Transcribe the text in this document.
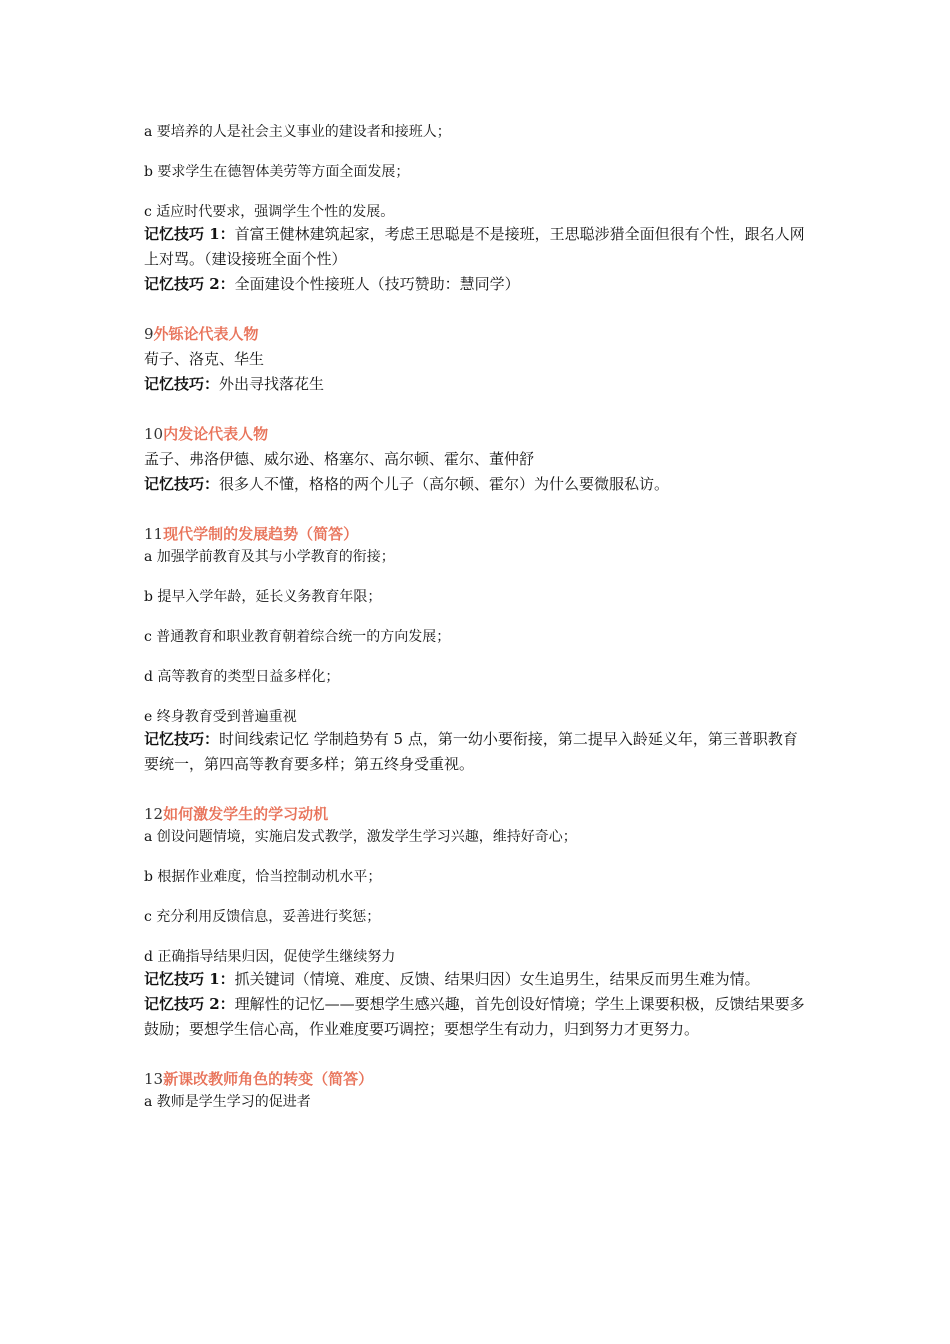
a 要培养的人是社会主义事业的建设者和接班人；

b 要求学生在德智体美劳等方面全面发展；

c 适应时代要求，强调学生个性的发展。

记忆技巧 1：首富王健林建筑起家，考虑王思聪是不是接班，王思聪涉猎全面但很有个性，跟名人网上对骂。（建设接班全面个性）

记忆技巧 2：全面建设个性接班人（技巧赞助：慧同学）

9外铄论代表人物

荀子、洛克、华生

记忆技巧：外出寻找落花生

10内发论代表人物

孟子、弗洛伊德、威尔逊、格塞尔、高尔顿、霍尔、董仲舒

记忆技巧：很多人不懂，格格的两个儿子（高尔顿、霍尔）为什么要微服私访。

11现代学制的发展趋势（简答）

a 加强学前教育及其与小学教育的衔接；

b 提早入学年龄，延长义务教育年限；

c 普通教育和职业教育朝着综合统一的方向发展；

d 高等教育的类型日益多样化；

e 终身教育受到普遍重视

记忆技巧：时间线索记忆 学制趋势有 5 点，第一幼小要衔接，第二提早入龄延义年，第三普职教育要统一，第四高等教育要多样；第五终身受重视。

12如何激发学生的学习动机

a 创设问题情境，实施启发式教学，激发学生学习兴趣，维持好奇心；

b 根据作业难度，恰当控制动机水平；

c 充分利用反馈信息，妥善进行奖惩；

d 正确指导结果归因，促使学生继续努力

记忆技巧 1：抓关键词（情境、难度、反馈、结果归因）女生追男生，结果反而男生难为情。

记忆技巧 2：理解性的记忆——要想学生感兴趣，首先创设好情境；学生上课要积极，反馈结果要多鼓励；要想学生信心高，作业难度要巧调控；要想学生有动力，归到努力才更努力。

13新课改教师角色的转变（简答）

a 教师是学生学习的促进者
